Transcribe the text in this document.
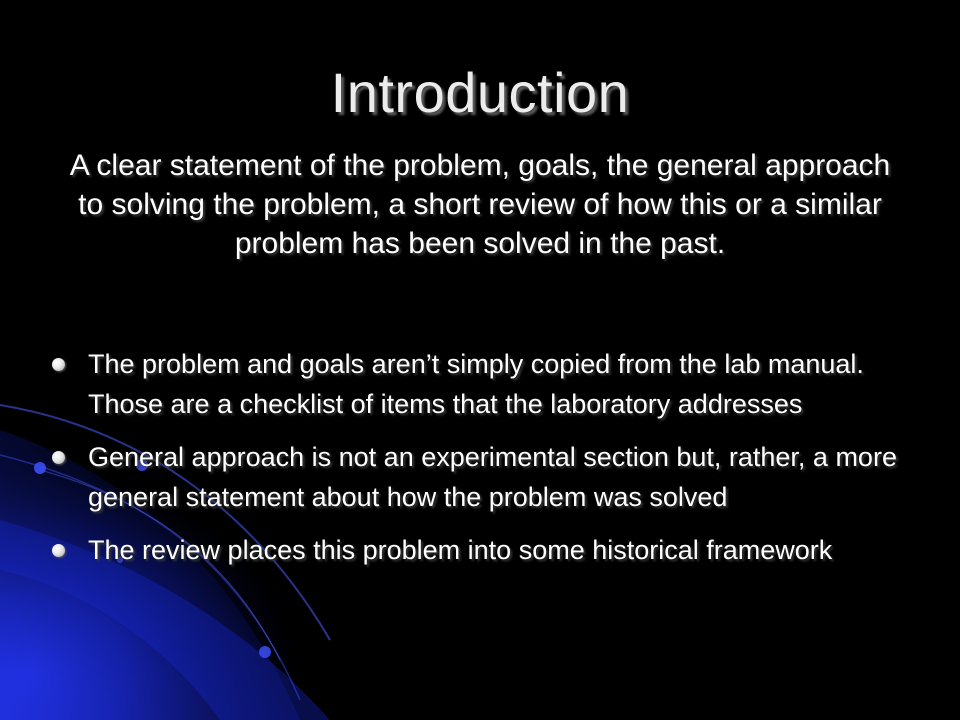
Introduction
A clear statement of the problem, goals, the general approach to solving the problem, a short review of how this or a similar problem has been solved in the past.
The problem and goals aren’t simply copied from the lab manual. Those are a checklist of items that the laboratory addresses
General approach is not an experimental section but, rather, a more general statement about how the problem was solved
The review places this problem into some historical framework
